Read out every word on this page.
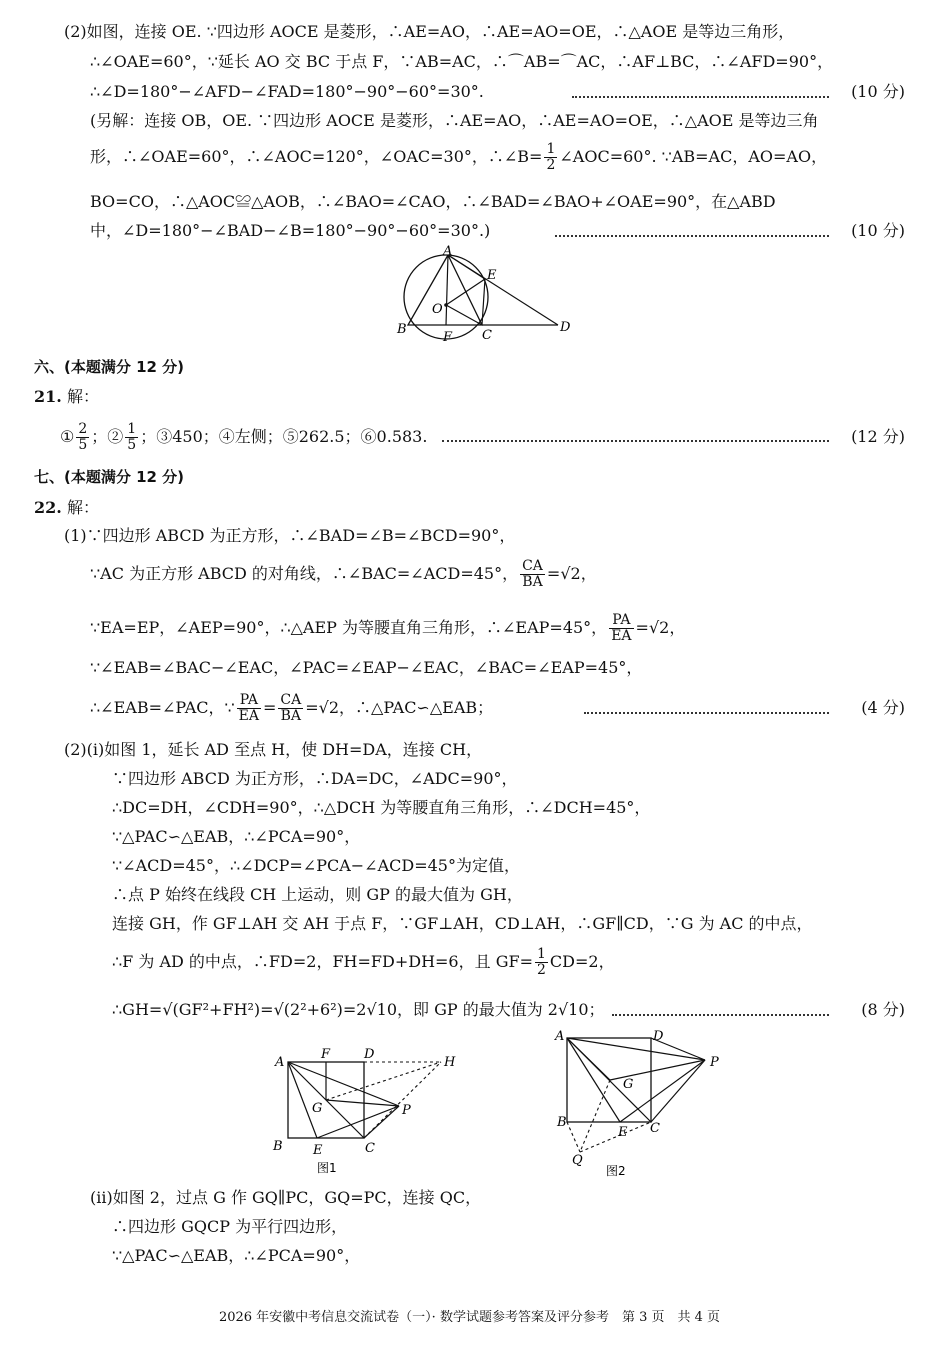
(2)如图，连接 OE. ∵四边形 AOCE 是菱形，∴AE=AO，∴AE=AO=OE，∴△AOE 是等边三角形，
∴∠OAE=60°，∵延长 AO 交 BC 于点 F，∵AB=AC，∴⌒AB=⌒AC，∴AF⊥BC，∴∠AFD=90°，
∴∠D=180°−∠AFD−∠FAD=180°−90°−60°=30°.	(10 分)
(另解：连接 OB，OE. ∵四边形 AOCE 是菱形，∴AE=AO，∴AE=AO=OE，∴△AOE 是等边三角
形，∴∠OAE=60°，∴∠AOC=120°，∠OAC=30°，∴∠B= $\frac{1}{2}$ ∠AOC=60°. ∵AB=AC，AO=AO，
BO=CO，∴△AOC≌△AOB，∴∠BAO=∠CAO，∴∠BAD=∠BAO+∠OAE=90°，在△ABD
中，∠D=180°−∠BAD−∠B=180°−90°−60°=30°.)	(10 分)
A
E
O
B
F C
D
六、(本题满分 12 分)
21. 解：
① $\frac{2}{5}$ ；② $\frac{1}{5}$ ；③450；④左侧；⑤262.5；⑥0.583.	(12 分)
七、(本题满分 12 分)
22. 解：
(1)∵四边形 ABCD 为正方形，∴∠BAD=∠B=∠BCD=90°，
∵AC 为正方形 ABCD 的对角线，∴∠BAC=∠ACD=45°， $\frac{CA}{BA} =√2$，
∵EA=EP，∠AEP=90°，∴△AEP 为等腰直角三角形，∴∠EAP=45°， $\frac{PA}{EA} =√2$，
∵∠EAB=∠BAC−∠EAC，∠PAC=∠EAP−∠EAC，∠BAC=∠EAP=45°，
∴∠EAB=∠PAC，∵ $\frac{PA}{EA} = \frac{CA}{BA} =√2$，∴△PAC∽△EAB；	(4 分)
(2)(i)如图 1，延长 AD 至点 H，使 DH=DA，连接 CH，
∵四边形 ABCD 为正方形，∴DA=DC，∠ADC=90°，
∴DC=DH，∠CDH=90°，∴△DCH 为等腰直角三角形，∴∠DCH=45°，
∵△PAC∽△EAB，∴∠PCA=90°，
∵∠ACD=45°，∴∠DCP=∠PCA−∠ACD=45°为定值，
∴点 P 始终在线段 CH 上运动，则 GP 的最大值为 GH，
连接 GH，作 GF⊥AH 交 AH 于点 F，∵GF⊥AH，CD⊥AH，∴GF∥CD，∵G 为 AC 的中点，
∴F 为 AD 的中点，∴FD=2，FH=FD+DH=6，且 $GF= \frac{1}{2} CD=2$，
∴GH=√(GF²+FH²)=√(2²+6²)=2√10，即 GP 的最大值为 2√10；	(8 分)
A
F	D
H
G	P
B E	C
图1
A	D
P
G
B
E C
Q
图2
(ii)如图 2，过点 G 作 GQ∥PC，GQ=PC，连接 QC，
∴四边形 GQCP 为平行四边形，
∵△PAC∽△EAB，∴∠PCA=90°，
2026 年安徽中考信息交流试卷（一）· 数学试题参考答案及评分参考　第 3 页　共 4 页
